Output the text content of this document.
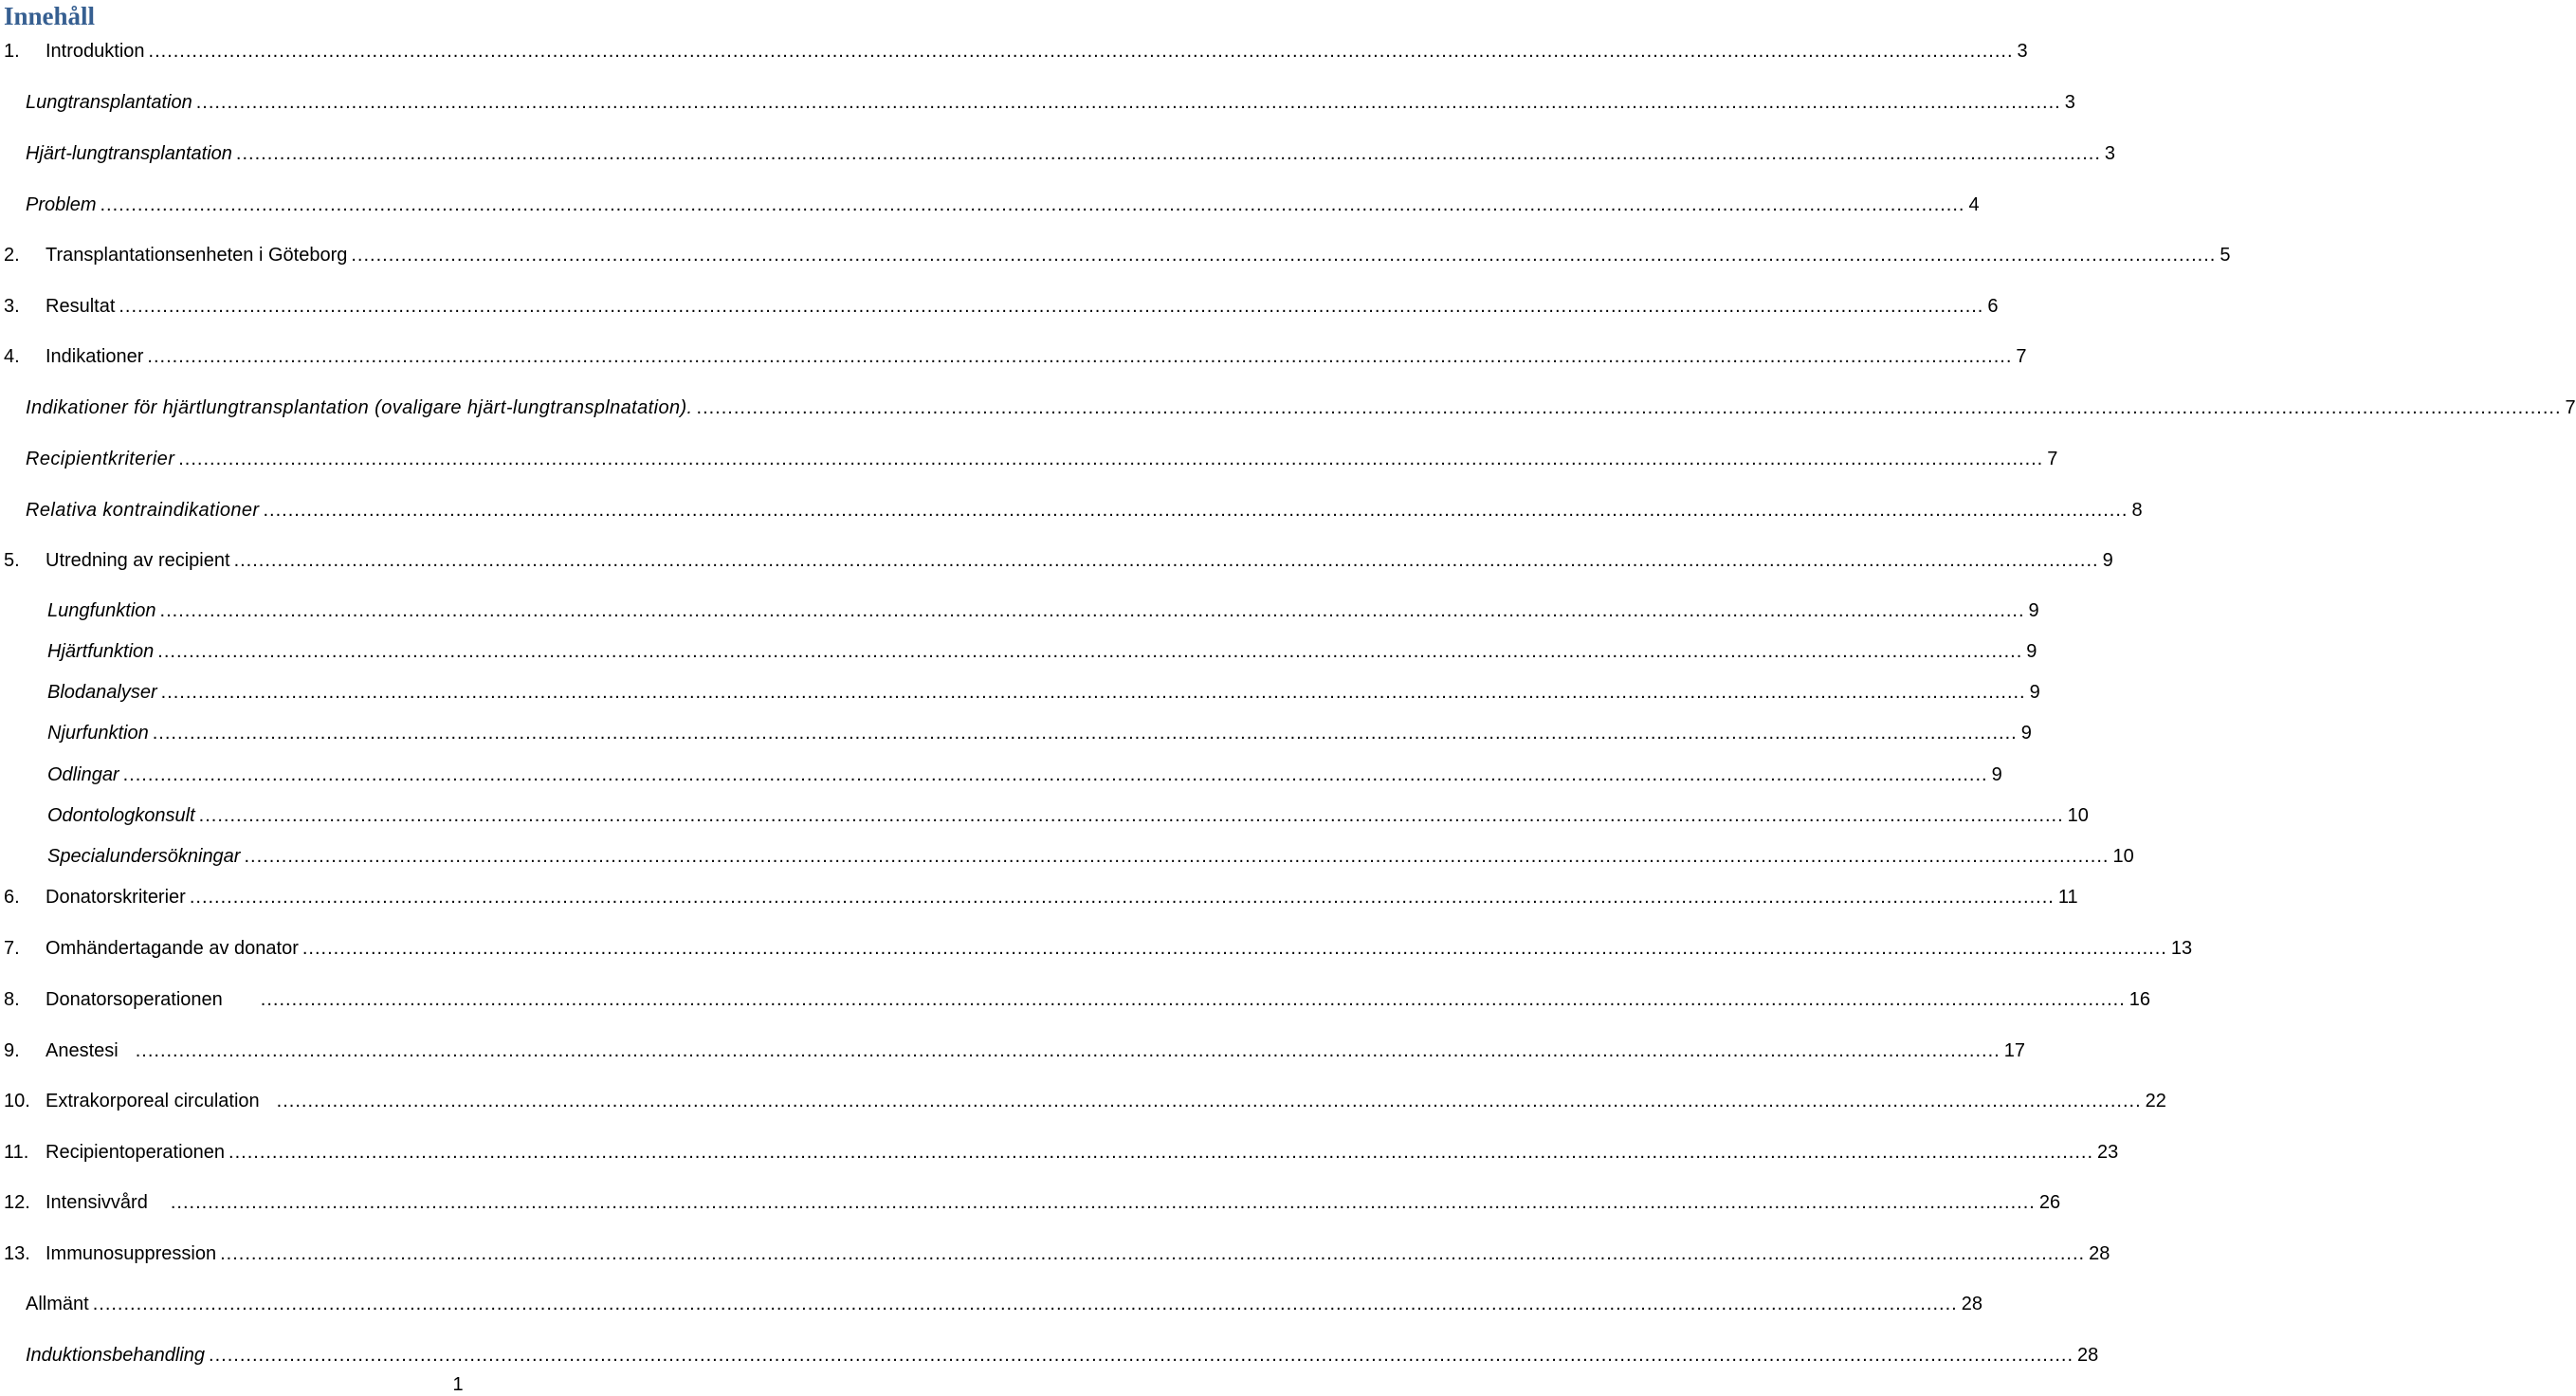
Innehåll
1.	Introduktion ............................................................................................................................................................................................................................................................................................................ 3
Lungtransplantation ............................................................................................................................................................................................................................................................................................................ 3
Hjärt-lungtransplantation ............................................................................................................................................................................................................................................................................................................ 3
Problem ............................................................................................................................................................................................................................................................................................................ 4
2.	Transplantationsenheten i Göteborg ............................................................................................................................................................................................................................................................................................................ 5
3.	Resultat ............................................................................................................................................................................................................................................................................................................ 6
4.	Indikationer ............................................................................................................................................................................................................................................................................................................ 7
Indikationer för hjärtlungtransplantation (ovaligare hjärt-lungtransplnatation). ............................................................................................................................................................................................................................................................................................................ 7
Recipientkriterier ............................................................................................................................................................................................................................................................................................................ 7
Relativa kontraindikationer ............................................................................................................................................................................................................................................................................................................ 8
5.	Utredning av recipient ............................................................................................................................................................................................................................................................................................................ 9
Lungfunktion ............................................................................................................................................................................................................................................................................................................ 9
Hjärtfunktion ............................................................................................................................................................................................................................................................................................................ 9
Blodanalyser ............................................................................................................................................................................................................................................................................................................ 9
Njurfunktion ............................................................................................................................................................................................................................................................................................................ 9
Odlingar ............................................................................................................................................................................................................................................................................................................ 9
Odontologkonsult ............................................................................................................................................................................................................................................................................................................ 10
Specialundersökningar ............................................................................................................................................................................................................................................................................................................ 10
6.	Donatorskriterier ............................................................................................................................................................................................................................................................................................................ 11
7.	Omhändertagande av donator ............................................................................................................................................................................................................................................................................................................ 13
8.	Donatorsoperationen ............................................................................................................................................................................................................................................................................................................ 16
9.	Anestesi ............................................................................................................................................................................................................................................................................................................ 17
10. Extrakorporeal circulation ............................................................................................................................................................................................................................................................................................................ 22
11. Recipientoperationen ............................................................................................................................................................................................................................................................................................................ 23
12. Intensivvård ............................................................................................................................................................................................................................................................................................................ 26
13. Immunosuppression ............................................................................................................................................................................................................................................................................................................ 28
Allmänt ............................................................................................................................................................................................................................................................................................................ 28
Induktionsbehandling ............................................................................................................................................................................................................................................................................................................ 28
1
